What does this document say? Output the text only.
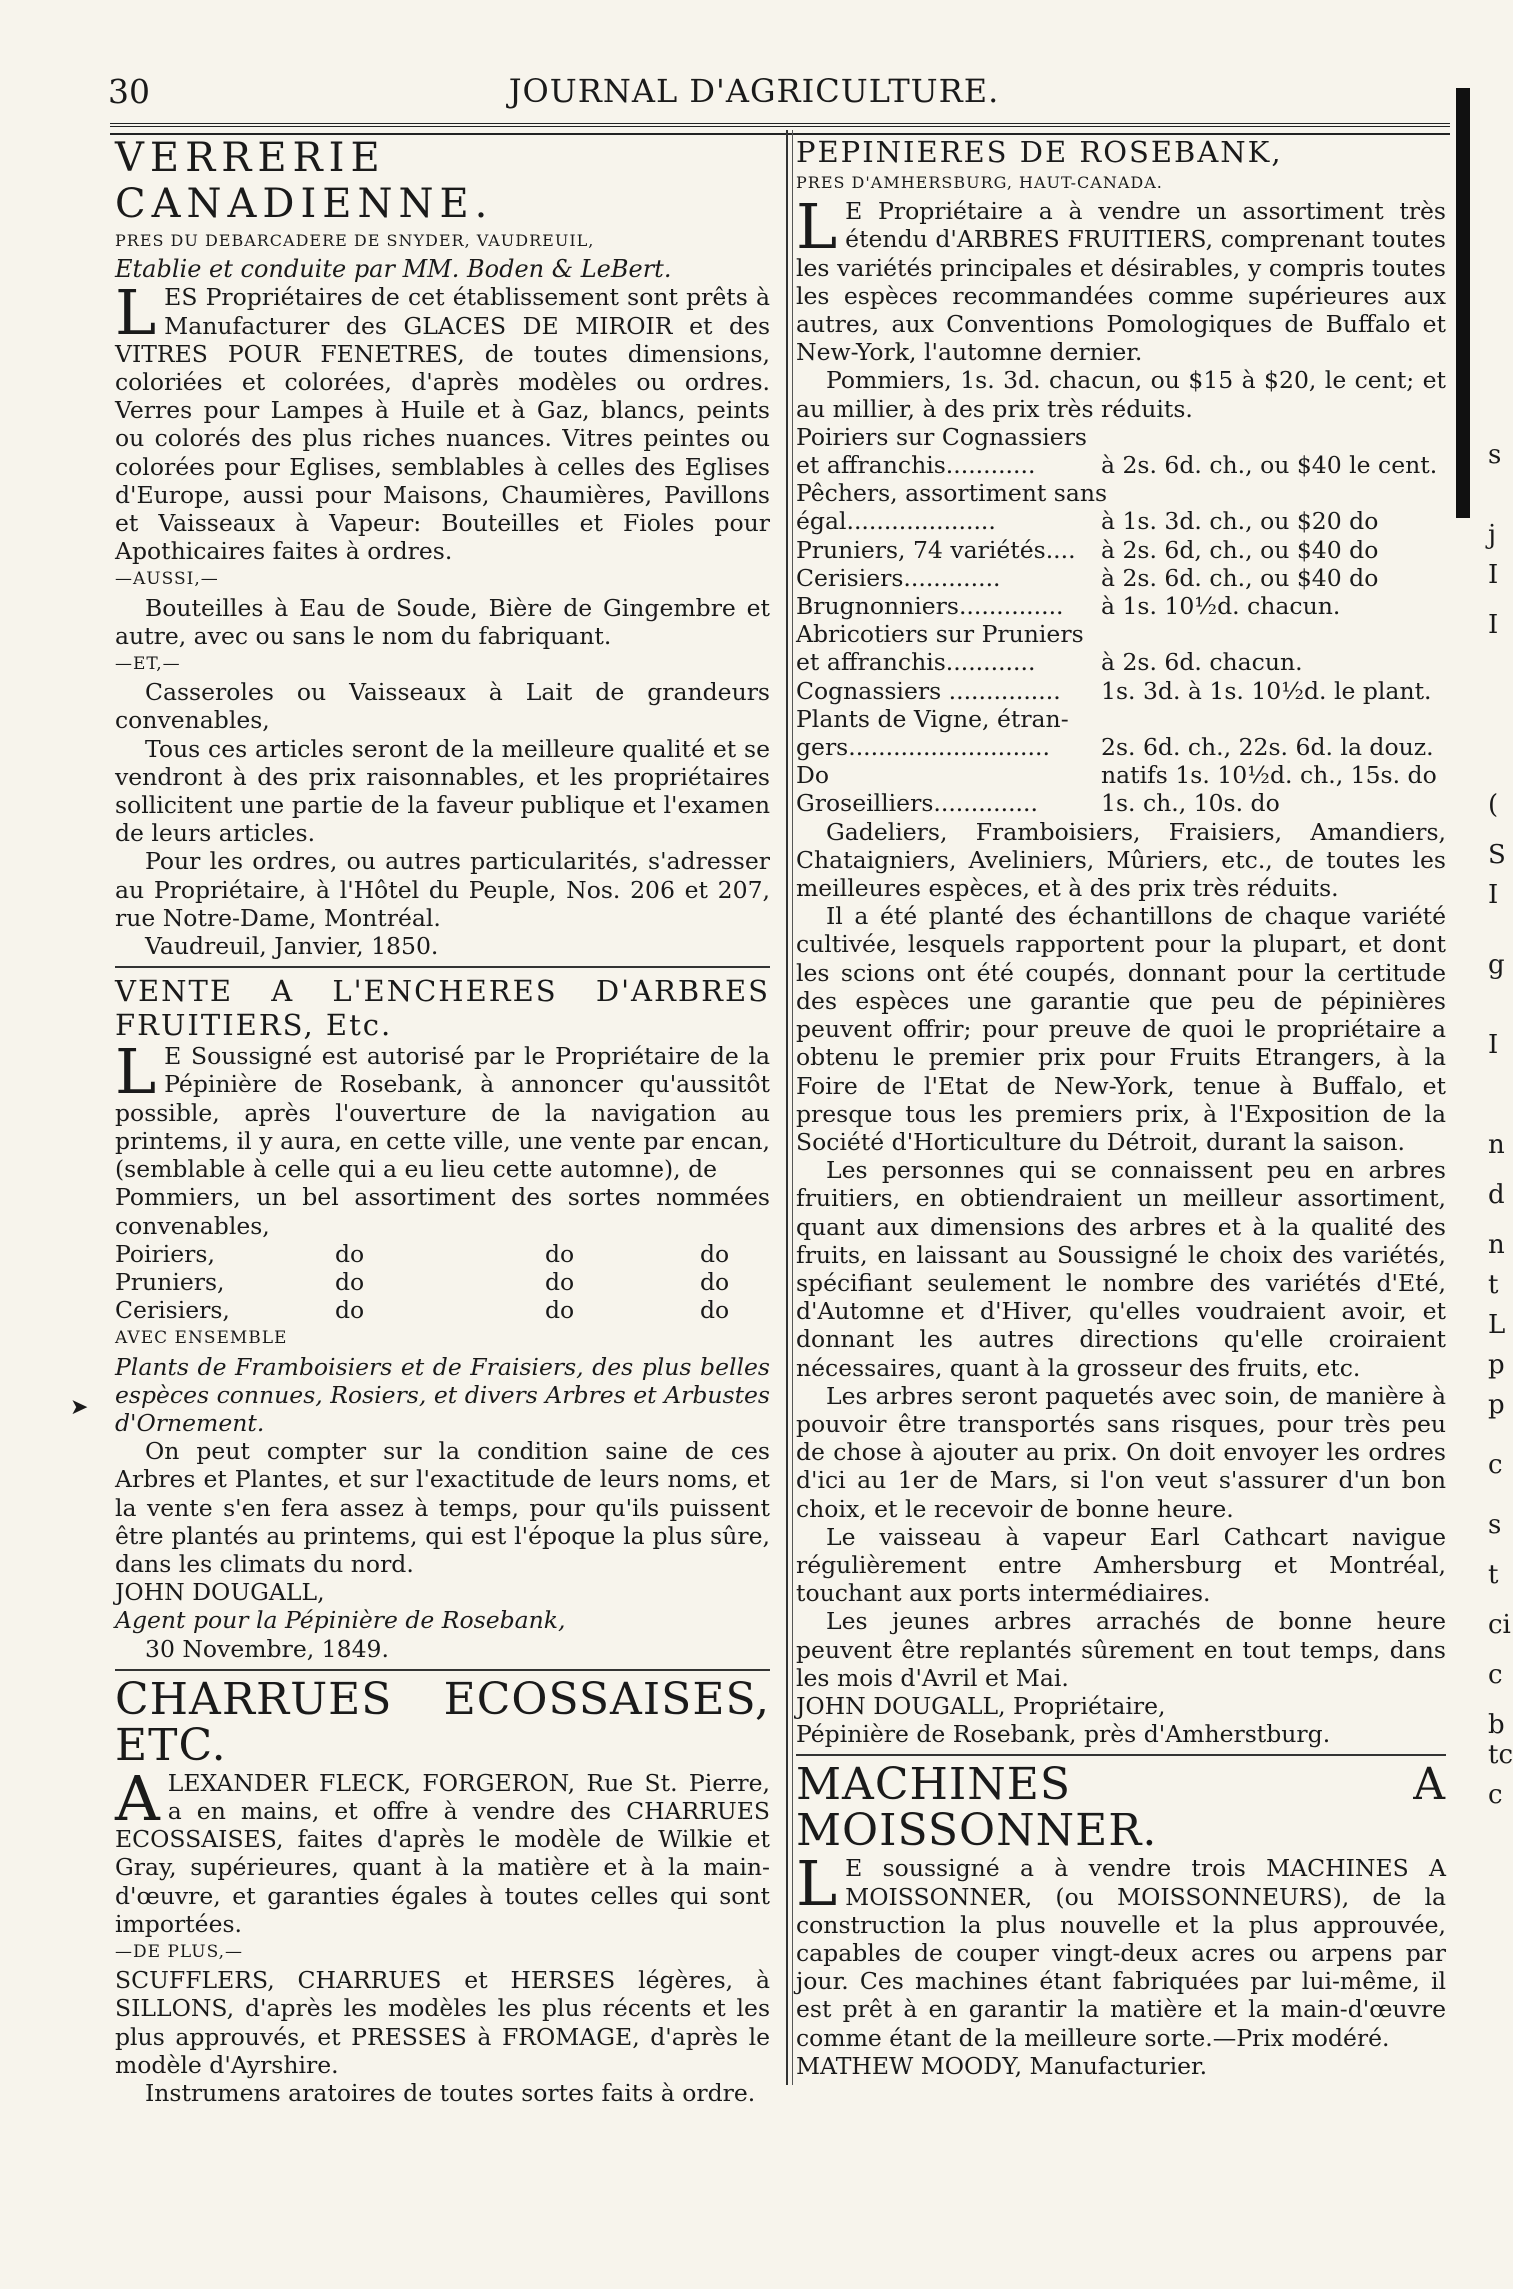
30	JOURNAL D'AGRICULTURE.
s
j
I
I
(
S
I
g
I
n
d
n
t
L
p
p
c
s
t
ci
c
b
tc
c
➤

VERRERIE CANADIENNE.

PRES DU DEBARCADERE DE SNYDER, VAUDREUIL,

Etablie et conduite par MM. Boden & LeBert.

LES Propriétaires de cet établissement sont prêts à Manufacturer des GLACES DE MIROIR et des VITRES POUR FENETRES, de toutes dimensions, coloriées et colorées, d'après modèles ou ordres. Verres pour Lampes à Huile et à Gaz, blancs, peints ou colorés des plus riches nuances. Vitres peintes ou colorées pour Eglises, semblables à celles des Eglises d'Europe, aussi pour Maisons, Chaumières, Pavillons et Vaisseaux à Vapeur: Bouteilles et Fioles pour Apothicaires faites à ordres.

—AUSSI,—

Bouteilles à Eau de Soude, Bière de Gingembre et autre, avec ou sans le nom du fabriquant.

—ET,—

Casseroles ou Vaisseaux à Lait de grandeurs convenables,

Tous ces articles seront de la meilleure qualité et se vendront à des prix raisonnables, et les propriétaires sollicitent une partie de la faveur publique et l'examen de leurs articles.

Pour les ordres, ou autres particularités, s'adresser au Propriétaire, à l'Hôtel du Peuple, Nos. 206 et 207, rue Notre-Dame, Montréal.

Vaudreuil, Janvier, 1850.

VENTE A L'ENCHERES D'ARBRES FRUITIERS, Etc.

L E Soussigné est autorisé par le Propriétaire de la Pépinière de Rosebank, à annoncer qu'aussitôt possible, après l'ouverture de la navigation au printems, il y aura, en cette ville, une vente par encan, (semblable à celle qui a eu lieu cette automne), de

Pommiers, un bel assortiment des sortes nommées convenables,

Poiriers,	do	do	do
Pruniers,	do	do	do
Cerisiers,	do	do	do

AVEC ENSEMBLE

Plants de Framboisiers et de Fraisiers, des plus belles espèces connues, Rosiers, et divers Arbres et Arbustes d'Ornement.

On peut compter sur la condition saine de ces Arbres et Plantes, et sur l'exactitude de leurs noms, et la vente s'en fera assez à temps, pour qu'ils puissent être plantés au printems, qui est l'époque la plus sûre, dans les climats du nord.

JOHN DOUGALL,

Agent pour la Pépinière de Rosebank,

30 Novembre, 1849.

CHARRUES ECOSSAISES, ETC.

ALEXANDER FLECK, FORGERON, Rue St. Pierre, a en mains, et offre à vendre des CHARRUES ECOSSAISES, faites d'après le modèle de Wilkie et Gray, supérieures, quant à la matière et à la main-d'œuvre, et garanties égales à toutes celles qui sont importées.

—DE PLUS,—

SCUFFLERS, CHARRUES et HERSES légères, à SILLONS, d'après les modèles les plus récents et les plus approuvés, et PRESSES à FROMAGE, d'après le modèle d'Ayrshire.

Instrumens aratoires de toutes sortes faits à ordre.

PEPINIERES DE ROSEBANK,

PRES D'AMHERSBURG, HAUT-CANADA.

L E Propriétaire a à vendre un assortiment très étendu d'ARBRES FRUITIERS, comprenant toutes les variétés principales et désirables, y compris toutes les espèces recommandées comme supérieures aux autres, aux Conventions Pomologiques de Buffalo et New-York, l'automne dernier.

Pommiers, 1s. 3d. chacun, ou $15 à $20, le cent; et au millier, à des prix très réduits.

Poiriers sur Cognassiers
et affranchis............	à 2s. 6d. ch., ou $40 le cent.
Pêchers, assortiment sans
égal....................	à 1s. 3d. ch., ou $20 do
Pruniers, 74 variétés....	à 2s. 6d, ch., ou $40 do
Cerisiers.............	à 2s. 6d. ch., ou $40 do
Brugnonniers..............	à 1s. 10½d. chacun.
Abricotiers sur Pruniers
et affranchis............	à 2s. 6d. chacun.
Cognassiers ...............	1s. 3d. à 1s. 10½d. le plant.
Plants de Vigne, étran-
gers...........................	2s. 6d. ch., 22s. 6d. la douz.
Do	natifs 1s. 10½d. ch., 15s. do
Groseilliers..............	1s. ch., 10s. do

Gadeliers, Framboisiers, Fraisiers, Amandiers, Chataigniers, Aveliniers, Mûriers, etc., de toutes les meilleures espèces, et à des prix très réduits.

Il a été planté des échantillons de chaque variété cultivée, lesquels rapportent pour la plupart, et dont les scions ont été coupés, donnant pour la certitude des espèces une garantie que peu de pépinières peuvent offrir; pour preuve de quoi le propriétaire a obtenu le premier prix pour Fruits Etrangers, à la Foire de l'Etat de New-York, tenue à Buffalo, et presque tous les premiers prix, à l'Exposition de la Société d'Horticulture du Détroit, durant la saison.

Les personnes qui se connaissent peu en arbres fruitiers, en obtiendraient un meilleur assortiment, quant aux dimensions des arbres et à la qualité des fruits, en laissant au Soussigné le choix des variétés, spécifiant seulement le nombre des variétés d'Eté, d'Automne et d'Hiver, qu'elles voudraient avoir, et donnant les autres directions qu'elle croiraient nécessaires, quant à la grosseur des fruits, etc.

Les arbres seront paquetés avec soin, de manière à pouvoir être transportés sans risques, pour très peu de chose à ajouter au prix. On doit envoyer les ordres d'ici au 1er de Mars, si l'on veut s'assurer d'un bon choix, et le recevoir de bonne heure.

Le vaisseau à vapeur Earl Cathcart navigue régulièrement entre Amhersburg et Montréal, touchant aux ports intermédiaires.

Les jeunes arbres arrachés de bonne heure peuvent être replantés sûrement en tout temps, dans les mois d'Avril et Mai.

JOHN DOUGALL, Propriétaire,

Pépinière de Rosebank, près d'Amherstburg.

MACHINES A MOISSONNER.

L E soussigné a à vendre trois MACHINES A MOISSONNER, (ou MOISSONNEURS), de la construction la plus nouvelle et la plus approuvée, capables de couper vingt-deux acres ou arpens par jour. Ces machines étant fabriquées par lui-même, il est prêt à en garantir la matière et la main-d'œuvre comme étant de la meilleure sorte.—Prix modéré.

MATHEW MOODY, Manufacturier.
